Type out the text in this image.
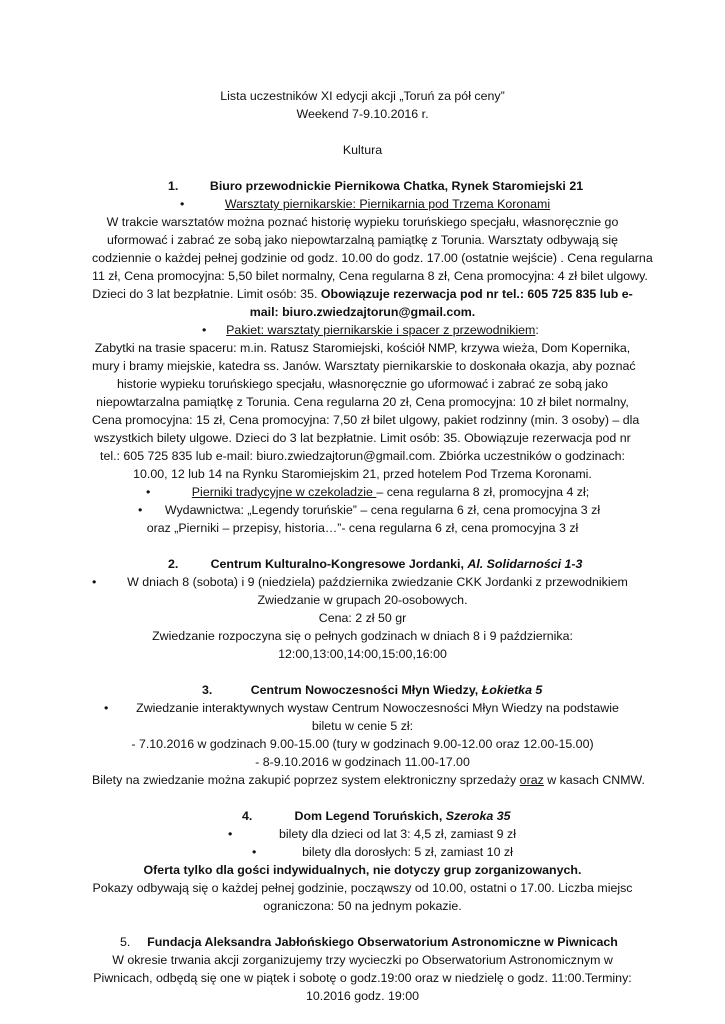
Lista uczestników XI edycji akcji „Toruń za pół ceny”
Weekend 7-9.10.2016 r.
Kultura
1.	Biuro przewodnickie Piernikowa Chatka, Rynek Staromiejski 21
•	Warsztaty piernikarskie: Piernikarnia pod Trzema Koronami
W trakcie warsztatów można poznać historię wypieku toruńskiego specjału, własnoręcznie go
uformować i zabrać ze sobą jako niepowtarzalną pamiątkę z Torunia. Warsztaty odbywają się
codziennie o każdej pełnej godzinie od godz. 10.00 do godz. 17.00 (ostatnie wejście) . Cena regularna
11 zł, Cena promocyjna: 5,50 bilet normalny, Cena regularna 8 zł, Cena promocyjna: 4 zł bilet ulgowy.
Dzieci do 3 lat bezpłatnie. Limit osób: 35. Obowiązuje rezerwacja pod nr tel.: 605 725 835 lub e-
mail: biuro.zwiedzajtorun@gmail.com.
• Pakiet: warsztaty piernikarskie i spacer z przewodnikiem:
Zabytki na trasie spaceru: m.in. Ratusz Staromiejski, kościół NMP, krzywa wieża, Dom Kopernika,
mury i bramy miejskie, katedra ss. Janów. Warsztaty piernikarskie to doskonała okazja, aby poznać
historie wypieku toruńskiego specjału, własnoręcznie go uformować i zabrać ze sobą jako
niepowtarzalna pamiątkę z Torunia. Cena regularna 20 zł, Cena promocyjna: 10 zł bilet normalny,
Cena promocyjna: 15 zł, Cena promocyjna: 7,50 zł bilet ulgowy, pakiet rodzinny (min. 3 osoby) – dla
wszystkich bilety ulgowe. Dzieci do 3 lat bezpłatnie. Limit osób: 35. Obowiązuje rezerwacja pod nr
tel.: 605 725 835 lub e-mail: biuro.zwiedzajtorun@gmail.com. Zbiórka uczestników o godzinach:
10.00, 12 lub 14 na Rynku Staromiejskim 21, przed hotelem Pod Trzema Koronami.
•	Pierniki tradycyjne w czekoladzie – cena regularna 8 zł, promocyjna 4 zł;
• Wydawnictwa: „Legendy toruńskie” – cena regularna 6 zł, cena promocyjna 3 zł
oraz „Pierniki – przepisy, historia…”- cena regularna 6 zł, cena promocyjna 3 zł
2.	Centrum Kulturalno-Kongresowe Jordanki, Al. Solidarności 1-3
• W dniach 8 (sobota) i 9 (niedziela) października zwiedzanie CKK Jordanki z przewodnikiem
Zwiedzanie w grupach 20-osobowych.
Cena: 2 zł 50 gr
Zwiedzanie rozpoczyna się o pełnych godzinach w dniach 8 i 9 października:
12:00,13:00,14:00,15:00,16:00
3.	Centrum Nowoczesności Młyn Wiedzy, Łokietka 5
• Zwiedzanie interaktywnych wystaw Centrum Nowoczesności Młyn Wiedzy na podstawie
biletu w cenie 5 zł:
- 7.10.2016 w godzinach 9.00-15.00 (tury w godzinach 9.00-12.00 oraz 12.00-15.00)
- 8-9.10.2016 w godzinach 11.00-17.00
Bilety na zwiedzanie można zakupić poprzez system elektroniczny sprzedaży oraz w kasach CNMW.
4.	Dom Legend Toruńskich, Szeroka 35
•	bilety dla dzieci od lat 3: 4,5 zł, zamiast 9 zł
•	bilety dla dorosłych: 5 zł, zamiast 10 zł
Oferta tylko dla gości indywidualnych, nie dotyczy grup zorganizowanych.
Pokazy odbywają się o każdej pełnej godzinie, począwszy od 10.00, ostatni o 17.00. Liczba miejsc
ograniczona: 50 na jednym pokazie.
5. Fundacja Aleksandra Jabłońskiego Obserwatorium Astronomiczne w Piwnicach
W okresie trwania akcji zorganizujemy trzy wycieczki po Obserwatorium Astronomicznym w
Piwnicach, odbędą się one w piątek i sobotę o godz.19:00 oraz w niedzielę o godz. 11:00.Terminy:
10.2016 godz. 19:00
